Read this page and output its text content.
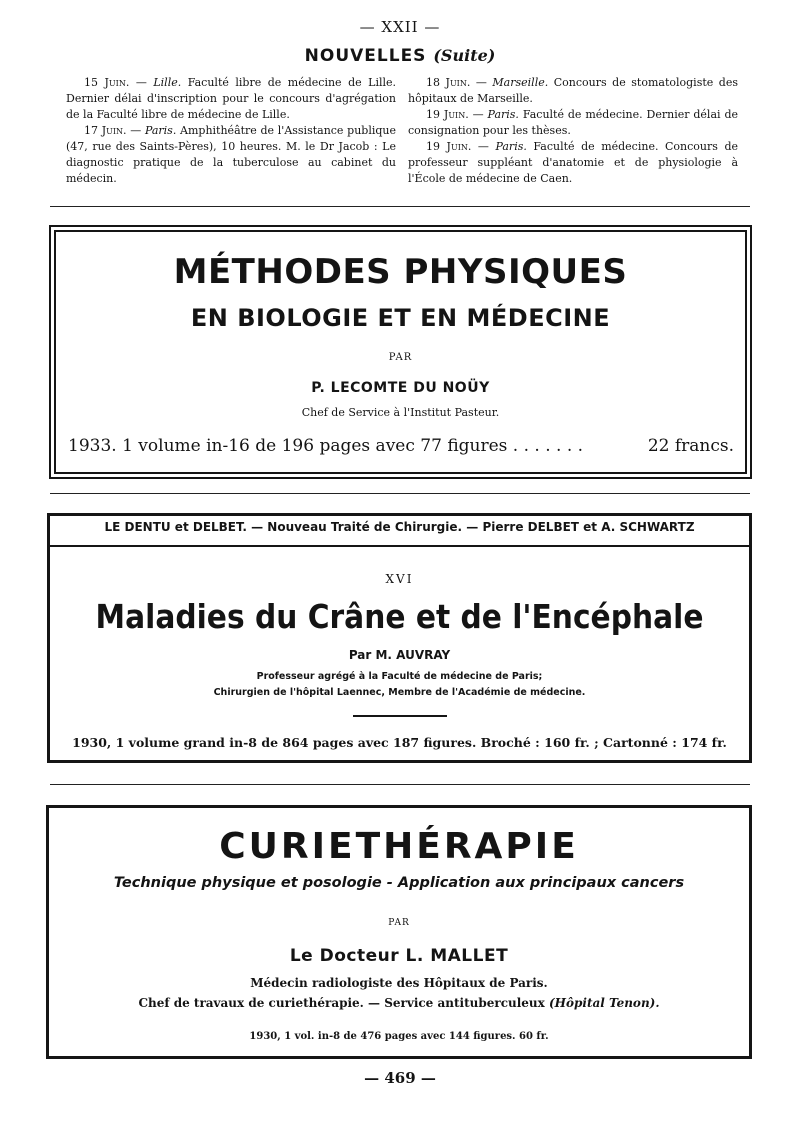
— XXII —
NOUVELLES (Suite)

15 Juin. — Lille. Faculté libre de médecine de Lille. Dernier délai d'inscription pour le concours d'agrégation de la Faculté libre de médecine de Lille.

17 Juin. — Paris. Amphithéâtre de l'Assistance publique (47, rue des Saints-Pères), 10 heures. M. le Dr Jacob : Le diagnostic pratique de la tuberculose au cabinet du médecin.

18 Juin. — Marseille. Concours de stomatologiste des hôpitaux de Marseille.

19 Juin. — Paris. Faculté de médecine. Dernier délai de consignation pour les thèses.

19 Juin. — Paris. Faculté de médecine. Concours de professeur suppléant d'anatomie et de physiologie à l'École de médecine de Caen.

MÉTHODES PHYSIQUES
EN BIOLOGIE ET EN MÉDECINE
PAR
P. LECOMTE DU NOÜY
Chef de Service à l'Institut Pasteur.
1933. 1 volume in-16 de 196 pages avec 77 figures . . . . . . .	22 francs.
LE DENTU et DELBET. — Nouveau Traité de Chirurgie. — Pierre DELBET et A. SCHWARTZ
XVI
Maladies du Crâne et de l'Encéphale
Par M. AUVRAY
Professeur agrégé à la Faculté de médecine de Paris;
Chirurgien de l'hôpital Laennec, Membre de l'Académie de médecine.
1930, 1 volume grand in-8 de 864 pages avec 187 figures. Broché : 160 fr. ; Cartonné : 174 fr.
CURIETHÉRAPIE
Technique physique et posologie - Application aux principaux cancers
PAR
Le Docteur L. MALLET
Médecin radiologiste des Hôpitaux de Paris.
Chef de travaux de curiethérapie. — Service antituberculeux (Hôpital Tenon).
1930, 1 vol. in-8 de 476 pages avec 144 figures. 60 fr.
— 469 —
